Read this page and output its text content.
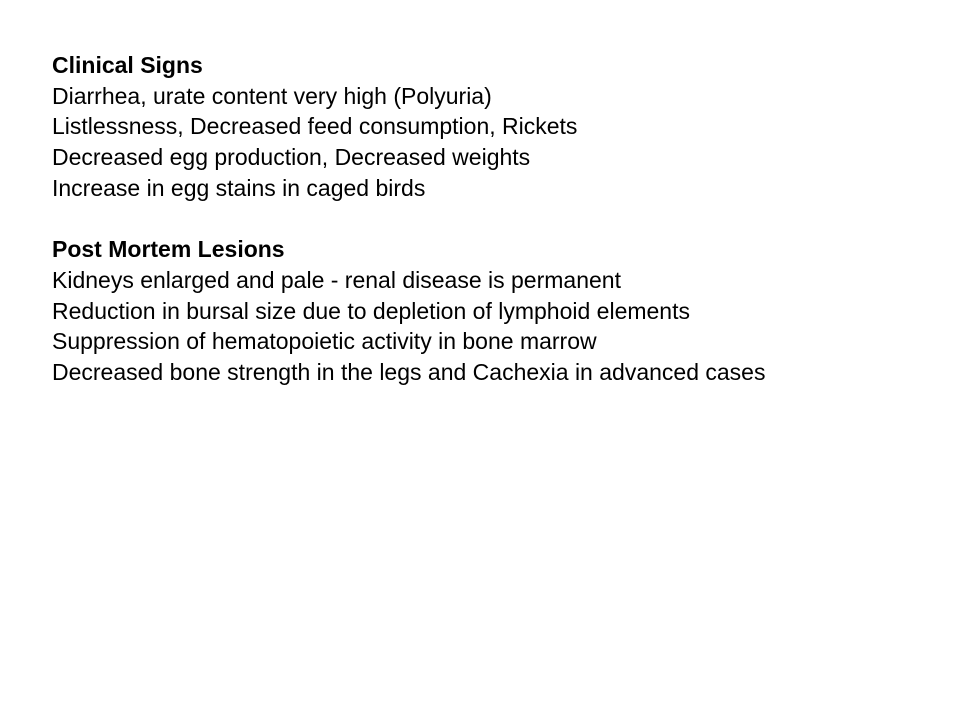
Clinical Signs
Diarrhea, urate content very high (Polyuria)
Listlessness, Decreased feed consumption, Rickets
Decreased egg production, Decreased weights
Increase in egg stains in caged birds
Post Mortem Lesions
Kidneys enlarged and pale - renal disease is permanent
Reduction in bursal size due to depletion of lymphoid elements
Suppression of hematopoietic activity in bone marrow
Decreased bone strength in the legs and Cachexia in advanced cases
